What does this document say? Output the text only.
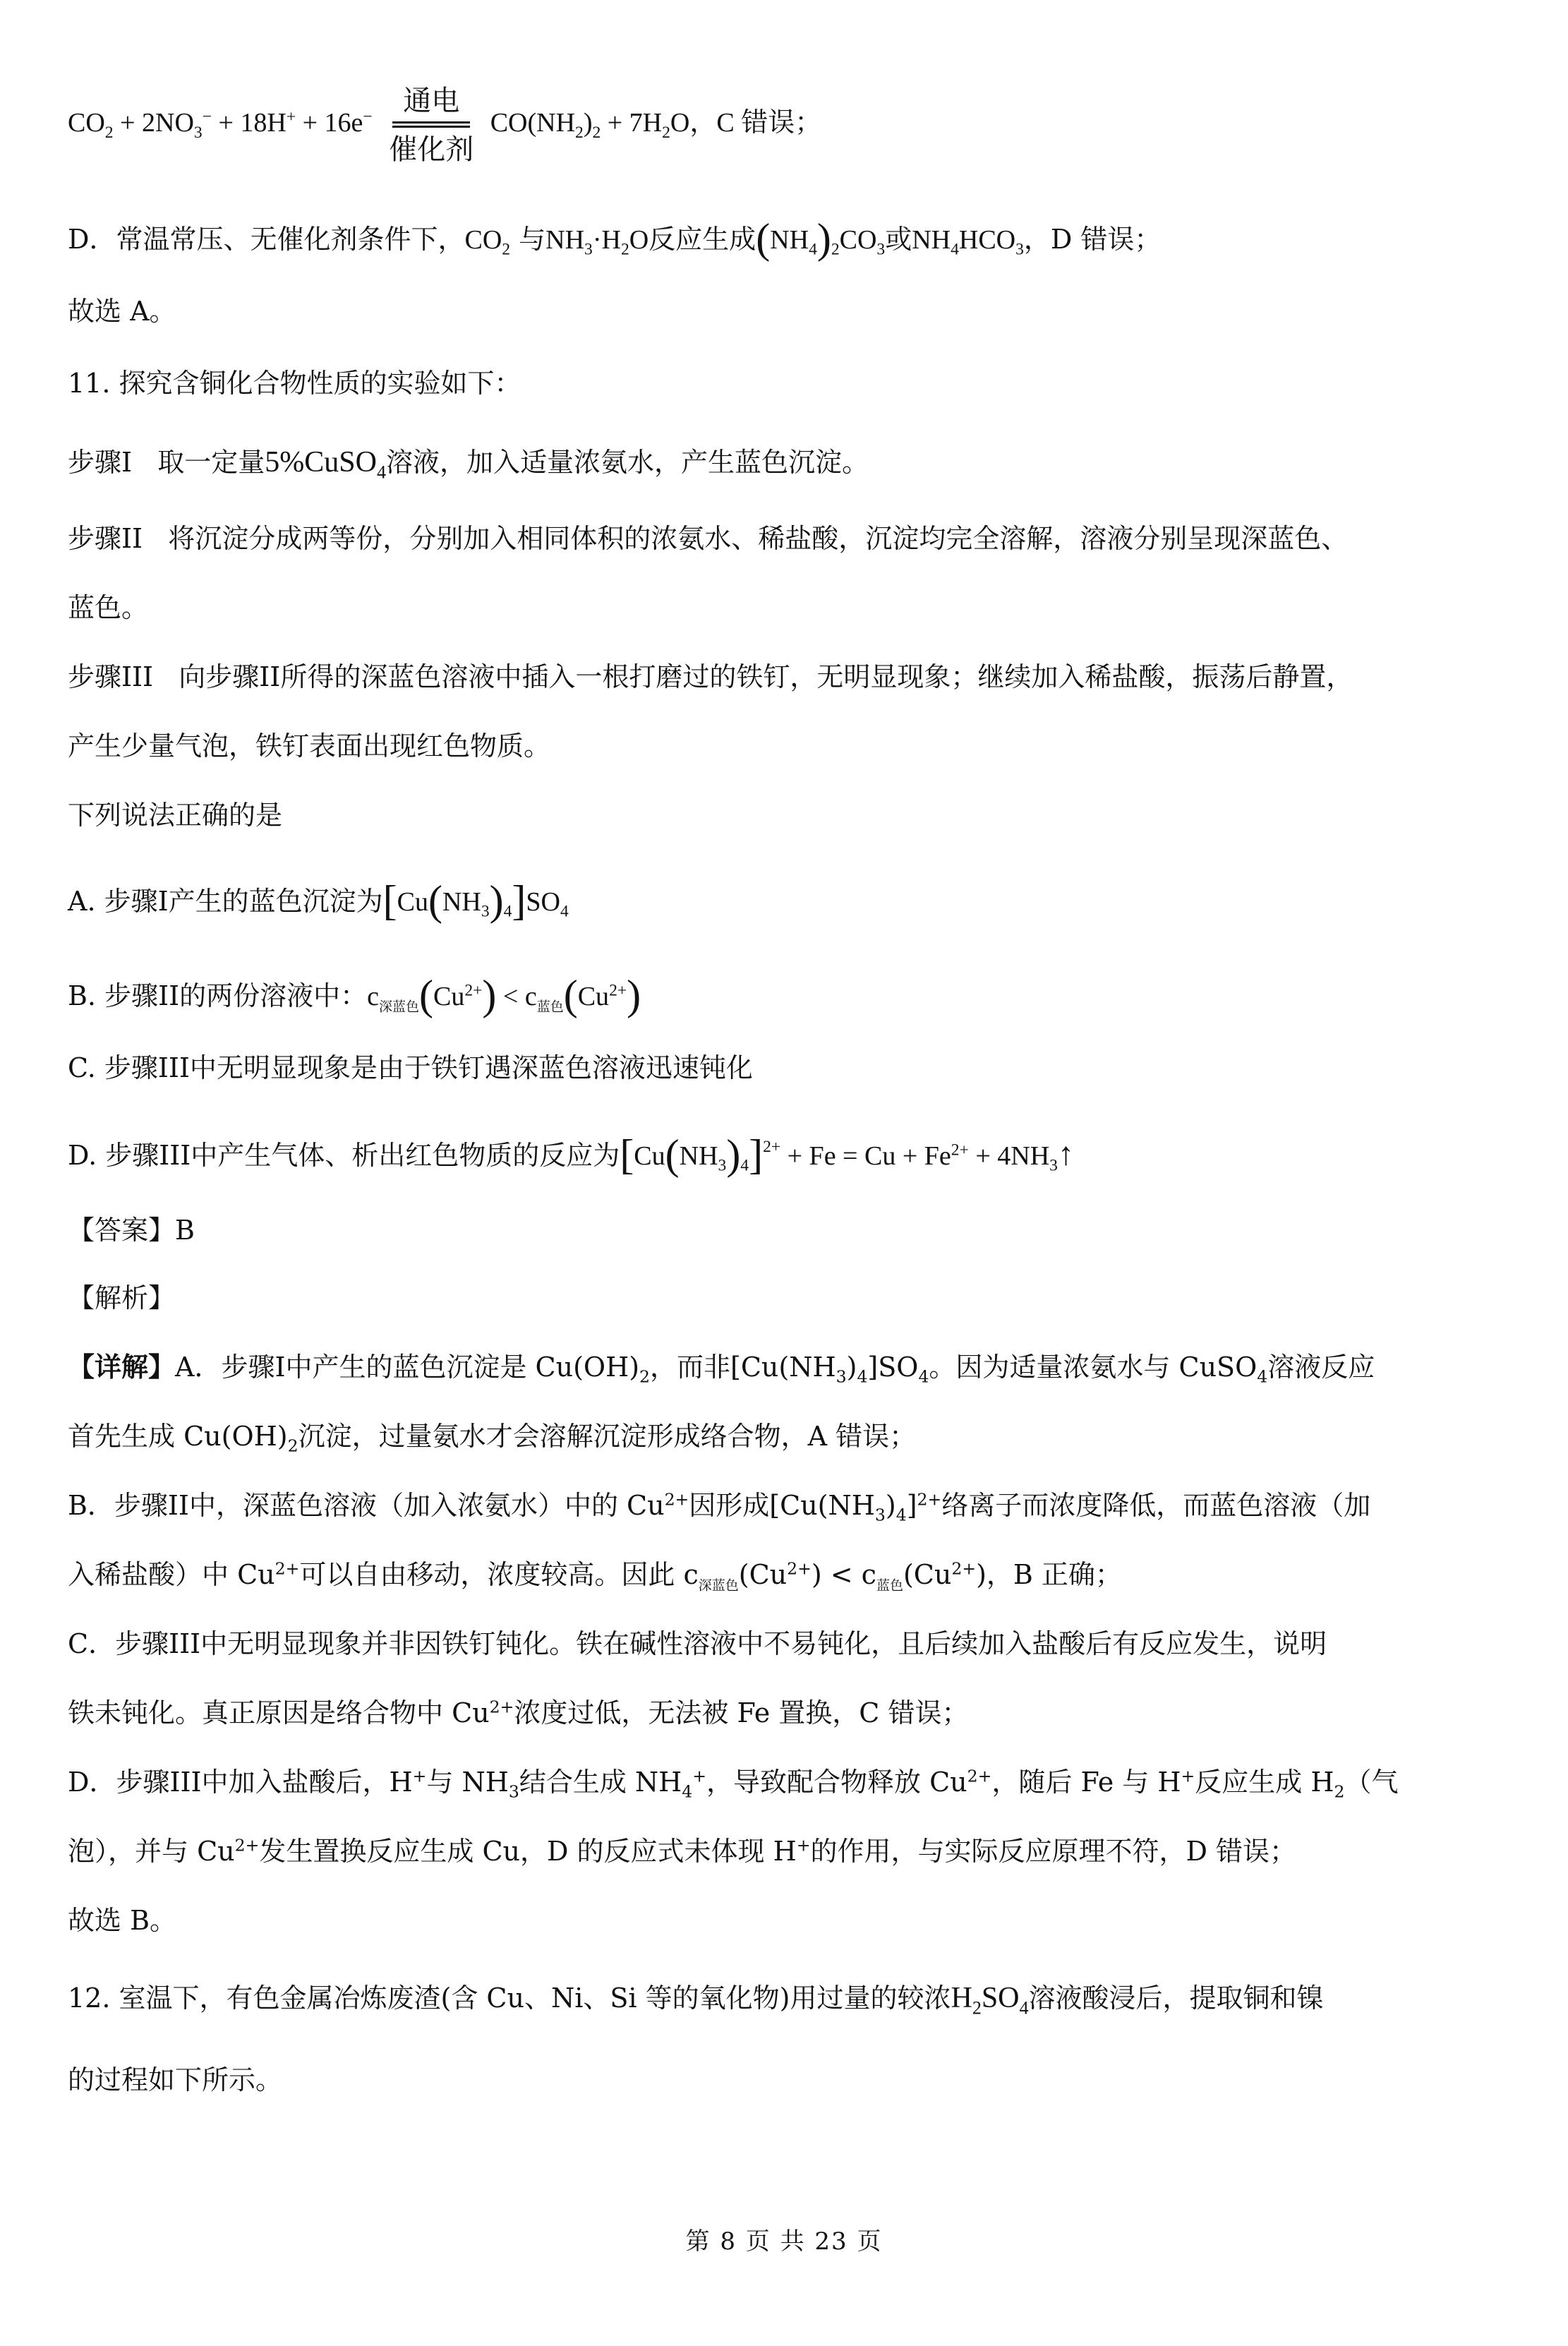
$CO_2 + 2NO_3^- + 18H^+ + 16e^-$
通电
催化剂
$CO(NH_2)_2 + 7H_2O$，C 错误；
D．常温常压、无催化剂条件下，$CO_2$ 与$NH_3\cdot H_2O$反应生成$(NH_4)_2CO_3$或$NH_4HCO_3$，D 错误；
故选 A。
11. 探究含铜化合物性质的实验如下：
步骤I 取一定量5%CuSO$_4$溶液，加入适量浓氨水，产生蓝色沉淀。
步骤II 将沉淀分成两等份，分别加入相同体积的浓氨水、稀盐酸，沉淀均完全溶解，溶液分别呈现深蓝色、
蓝色。
步骤III 向步骤II所得的深蓝色溶液中插入一根打磨过的铁钉，无明显现象；继续加入稀盐酸，振荡后静置，
产生少量气泡，铁钉表面出现红色物质。
下列说法正确的是
A. 步骤I产生的蓝色沉淀为$[Cu(NH_3)_4]SO_4$
B. 步骤II的两份溶液中：$c_{深蓝色}(Cu^{2+}) < c_{蓝色}(Cu^{2+})$
C. 步骤III中无明显现象是由于铁钉遇深蓝色溶液迅速钝化
D. 步骤III中产生气体、析出红色物质的反应为$[Cu(NH_3)_4]^{2+} + Fe = Cu + Fe^{2+}$ + $4NH_3↑$
【答案】B
【解析】
【详解】A．步骤I中产生的蓝色沉淀是 $Cu(OH)_2$，而非$[Cu(NH_3)_4]SO_4$。因为适量浓氨水与 CuSO$_4$溶液反应
首先生成 $Cu(OH)_2$沉淀，过量氨水才会溶解沉淀形成络合物，A 错误；
B．步骤II中，深蓝色溶液（加入浓氨水）中的 $Cu^{2+}$因形成$[Cu(NH_3)_4]^{2+}$络离子而浓度降低，而蓝色溶液（加
入稀盐酸）中 $Cu^{2+}$可以自由移动，浓度较高。因此 $c_{深蓝色}(Cu^{2+}) < c_{蓝色}(Cu^{2+})$，B 正确；
C．步骤III中无明显现象并非因铁钉钝化。铁在碱性溶液中不易钝化，且后续加入盐酸后有反应发生，说明
铁未钝化。真正原因是络合物中 $Cu^{2+}$浓度过低，无法被 Fe 置换，C 错误；
D．步骤III中加入盐酸后，H+与 $NH_3$结合生成 $NH_4^+$，导致配合物释放 $Cu^{2+}$，随后 Fe 与 H+反应生成 $H_2$（气
泡），并与 $Cu^{2+}$发生置换反应生成 Cu，D 的反应式未体现 H+的作用，与实际反应原理不符，D 错误；
故选 B。
12. 室温下，有色金属冶炼废渣(含 Cu、Ni、Si 等的氧化物)用过量的较浓$H_2SO_4$溶液酸浸后，提取铜和镍
的过程如下所示。
第 8 页 共 23 页
